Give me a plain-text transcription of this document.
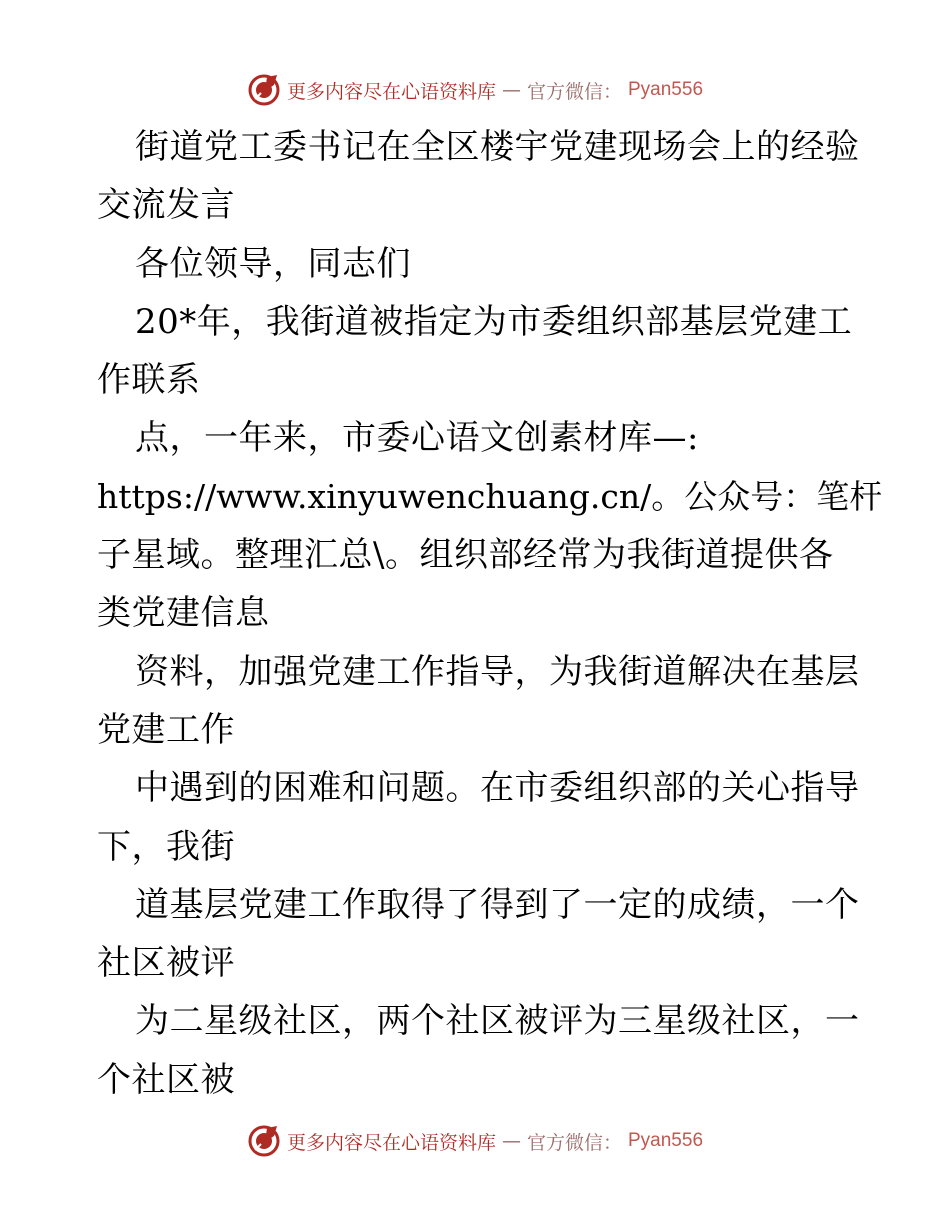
更多内容尽在心语资料库 — 官方微信： Pyan556
街道党工委书记在全区楼宇党建现场会上的经验
交流发言
各位领导，同志们
20*年，我街道被指定为市委组织部基层党建工
作联系
点，一年来，市委心语文创素材库—:
https://www.xinyuwenchuang.cn/。公众号：笔杆
子星域。整理汇总\。组织部经常为我街道提供各
类党建信息
资料，加强党建工作指导，为我街道解决在基层
党建工作
中遇到的困难和问题。在市委组织部的关心指导
下，我街
道基层党建工作取得了得到了一定的成绩，一个
社区被评
为二星级社区，两个社区被评为三星级社区，一
个社区被
更多内容尽在心语资料库 — 官方微信： Pyan556
